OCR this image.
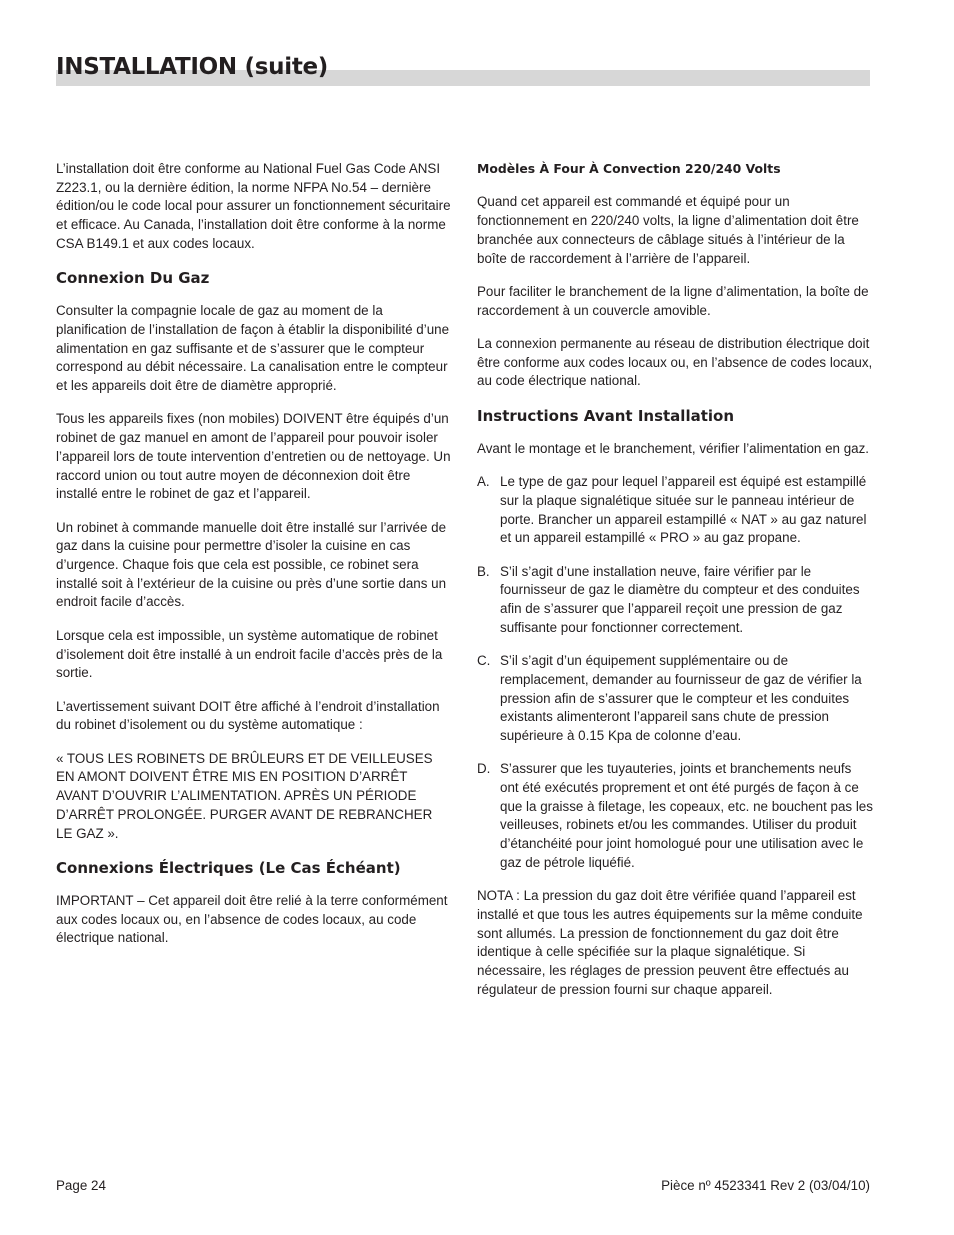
INSTALLATION (suite)

L’installation doit être conforme au National Fuel Gas Code ANSI Z223.1, ou la dernière édition, la norme NFPA No.54 – dernière édition/ou le code local pour assurer un fonctionnement sécuritaire et efficace. Au Canada, l’installation doit être conforme à la norme CSA B149.1 et aux codes locaux.

Connexion Du Gaz

Consulter la compagnie locale de gaz au moment de la planification de l’installation de façon à établir la disponibilité d’une alimentation en gaz suffisante et de s’assurer que le compteur correspond au débit nécessaire. La canalisation entre le compteur et les appareils doit être de diamètre approprié.

Tous les appareils fixes (non mobiles) DOIVENT être équipés d’un robinet de gaz manuel en amont de l’appareil pour pouvoir isoler l’appareil lors de toute intervention d’entretien ou de nettoyage. Un raccord union ou tout autre moyen de déconnexion doit être installé entre le robinet de gaz et l’appareil.

Un robinet à commande manuelle doit être installé sur l’arrivée de gaz dans la cuisine pour permettre d’isoler la cuisine en cas d’urgence. Chaque fois que cela est possible, ce robinet sera installé soit à l’extérieur de la cuisine ou près d’une sortie dans un endroit facile d’accès.

Lorsque cela est impossible, un système automatique de robinet d’isolement doit être installé à un endroit facile d’accès près de la sortie.

L’avertissement suivant DOIT être affiché à l’endroit d’installation du robinet d’isolement ou du système automatique :

« TOUS LES ROBINETS DE BRÛLEURS ET DE VEILLEUSES EN AMONT DOIVENT ÊTRE MIS EN POSITION D’ARRÊT AVANT D’OUVRIR L’ALIMENTATION. APRÈS UN PÉRIODE D’ARRÊT PROLONGÉE. PURGER AVANT DE REBRANCHER LE GAZ ».

Connexions Électriques (Le Cas Échéant)

IMPORTANT – Cet appareil doit être relié à la terre conformément aux codes locaux ou, en l’absence de codes locaux, au code électrique national.

Modèles À Four À Convection 220/240 Volts

Quand cet appareil est commandé et équipé pour un fonctionnement en 220/240 volts, la ligne d’alimentation doit être branchée aux connecteurs de câblage situés à l’intérieur de la boîte de raccordement à l’arrière de l’appareil.

Pour faciliter le branchement de la ligne d’alimentation, la boîte de raccordement à un couvercle amovible.

La connexion permanente au réseau de distribution électrique doit être conforme aux codes locaux ou, en l’absence de codes locaux, au code électrique national.

Instructions Avant Installation

Avant le montage et le branchement, vérifier l’alimentation en gaz.

A. Le type de gaz pour lequel l’appareil est équipé est estampillé sur la plaque signalétique située sur le panneau intérieur de porte. Brancher un appareil estampillé « NAT » au gaz naturel et un appareil estampillé « PRO » au gaz propane.

B. S’il s’agit d’une installation neuve, faire vérifier par le fournisseur de gaz le diamètre du compteur et des conduites afin de s’assurer que l’appareil reçoit une pression de gaz suffisante pour fonctionner correctement.

C. S’il s’agit d’un équipement supplémentaire ou de remplacement, demander au fournisseur de gaz de vérifier la pression afin de s’assurer que le compteur et les conduites existants alimenteront l’appareil sans chute de pression supérieure à 0.15 Kpa de colonne d’eau.

D. S’assurer que les tuyauteries, joints et branchements neufs ont été exécutés proprement et ont été purgés de façon à ce que la graisse à filetage, les copeaux, etc. ne bouchent pas les veilleuses, robinets et/ou les commandes. Utiliser du produit d’étanchéité pour joint homologué pour une utilisation avec le gaz de pétrole liquéfié.

NOTA : La pression du gaz doit être vérifiée quand l’appareil est installé et que tous les autres équipements sur la même conduite sont allumés. La pression de fonctionnement du gaz doit être identique à celle spécifiée sur la plaque signalétique. Si nécessaire, les réglages de pression peuvent être effectués au régulateur de pression fourni sur chaque appareil.

Page 24	Pièce nº 4523341 Rev 2 (03/04/10)
